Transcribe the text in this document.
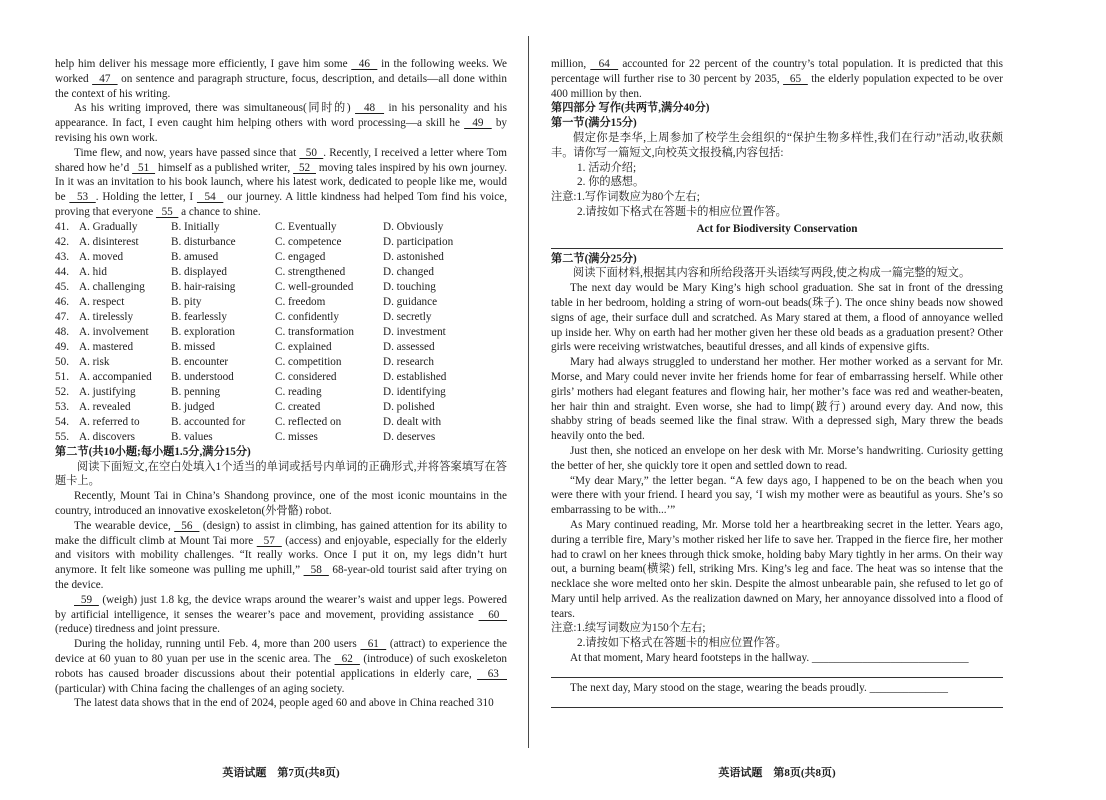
help him deliver his message more efficiently, I gave him some   46   in the following weeks. We worked   47   on sentence and paragraph structure, focus, description, and details—all done within the context of his writing.

As his writing improved, there was simultaneous(同时的)   48   in his personality and his appearance. In fact, I even caught him helping others with word processing—a skill he   49   by revising his own work.

Time flew, and now, years have passed since that   50  . Recently, I received a letter where Tom shared how he’d   51   himself as a published writer,   52   moving tales inspired by his own journey. In it was an invitation to his book launch, where his latest work, dedicated to people like me, would be   53  . Holding the letter, I   54   our journey. A little kindness had helped Tom find his voice, proving that everyone   55   a chance to shine.

41. A. Gradually	B. Initially	C. Eventually	D. Obviously
42. A. disinterest	B. disturbance	C. competence	D. participation
43. A. moved	B. amused	C. engaged	D. astonished
44. A. hid	B. displayed	C. strengthened	D. changed
45. A. challenging	B. hair-raising	C. well-grounded	D. touching
46. A. respect	B. pity	C. freedom	D. guidance
47. A. tirelessly	B. fearlessly	C. confidently	D. secretly
48. A. involvement	B. exploration	C. transformation	D. investment
49. A. mastered	B. missed	C. explained	D. assessed
50. A. risk	B. encounter	C. competition	D. research
51. A. accompanied	B. understood	C. considered	D. established
52. A. justifying	B. penning	C. reading	D. identifying
53. A. revealed	B. judged	C. created	D. polished
54. A. referred to	B. accounted for	C. reflected on	D. dealt with
55. A. discovers	B. values	C. misses	D. deserves

第二节(共10小题;每小题1.5分,满分15分)

阅读下面短文,在空白处填入1个适当的单词或括号内单词的正确形式,并将答案填写在答题卡上。

Recently, Mount Tai in China’s Shandong province, one of the most iconic mountains in the country, introduced an innovative exoskeleton(外骨骼) robot.

The wearable device,   56   (design) to assist in climbing, has gained attention for its ability to make the difficult climb at Mount Tai more   57   (access) and enjoyable, especially for the elderly and visitors with mobility challenges. “It really works. Once I put it on, my legs didn’t hurt anymore. It felt like someone was pulling me uphill,”   58   68-year-old tourist said after trying on the device.

59   (weigh) just 1.8 kg, the device wraps around the wearer’s waist and upper legs. Powered by artificial intelligence, it senses the wearer’s pace and movement, providing assistance   60   (reduce) tiredness and joint pressure.

During the holiday, running until Feb. 4, more than 200 users   61   (attract) to experience the device at 60 yuan to 80 yuan per use in the scenic area. The   62   (introduce) of such exoskeleton robots has caused broader discussions about their potential applications in elderly care,   63   (particular) with China facing the challenges of an aging society.

The latest data shows that in the end of 2024, people aged 60 and above in China reached 310

million,   64   accounted for 22 percent of the country’s total population. It is predicted that this percentage will further rise to 30 percent by 2035,   65   the elderly population expected to be over 400 million by then.

第四部分 写作(共两节,满分40分)

第一节(满分15分)

假定你是李华,上周参加了校学生会组织的“保护生物多样性,我们在行动”活动,收获颇丰。请你写一篇短文,向校英文报投稿,内容包括:

1. 活动介绍;

2. 你的感想。

注意:1.写作词数应为80个左右;

2.请按如下格式在答题卡的相应位置作答。

Act for Biodiversity Conservation

第二节(满分25分)

阅读下面材料,根据其内容和所给段落开头语续写两段,使之构成一篇完整的短文。

The next day would be Mary King’s high school graduation. She sat in front of the dressing table in her bedroom, holding a string of worn-out beads(珠子). The once shiny beads now showed signs of age, their surface dull and scratched. As Mary stared at them, a flood of annoyance welled up inside her. Why on earth had her mother given her these old beads as a graduation present? Other girls were receiving wristwatches, beautiful dresses, and all kinds of expensive gifts.

Mary had always struggled to understand her mother. Her mother worked as a servant for Mr. Morse, and Mary could never invite her friends home for fear of embarrassing herself. While other girls’ mothers had elegant features and flowing hair, her mother’s face was red and weather-beaten, her hair thin and straight. Even worse, she had to limp(跛行) around every day. And now, this shabby string of beads seemed like the final straw. With a depressed sigh, Mary threw the beads heavily onto the bed.

Just then, she noticed an envelope on her desk with Mr. Morse’s handwriting. Curiosity getting the better of her, she quickly tore it open and settled down to read.

“My dear Mary,” the letter began. “A few days ago, I happened to be on the beach when you were there with your friend. I heard you say, ‘I wish my mother were as beautiful as yours. She’s so embarrassing to be with...’”

As Mary continued reading, Mr. Morse told her a heartbreaking secret in the letter. Years ago, during a terrible fire, Mary’s mother risked her life to save her. Trapped in the fierce fire, her mother had to crawl on her knees through thick smoke, holding baby Mary tightly in her arms. On their way out, a burning beam(横梁) fell, striking Mrs. King’s leg and face. The heat was so intense that the necklace she wore melted onto her skin. Despite the almost unbearable pain, she refused to let go of Mary until help arrived. As the realization dawned on Mary, her annoyance dissolved into a flood of tears.

注意:1.续写词数应为150个左右;

2.请按如下格式在答题卡的相应位置作答。

At that moment, Mary heard footsteps in the hallway. ____________________________

The next day, Mary stood on the stage, wearing the beads proudly. ______________

英语试题　第7页(共8页)	英语试题　第8页(共8页)
